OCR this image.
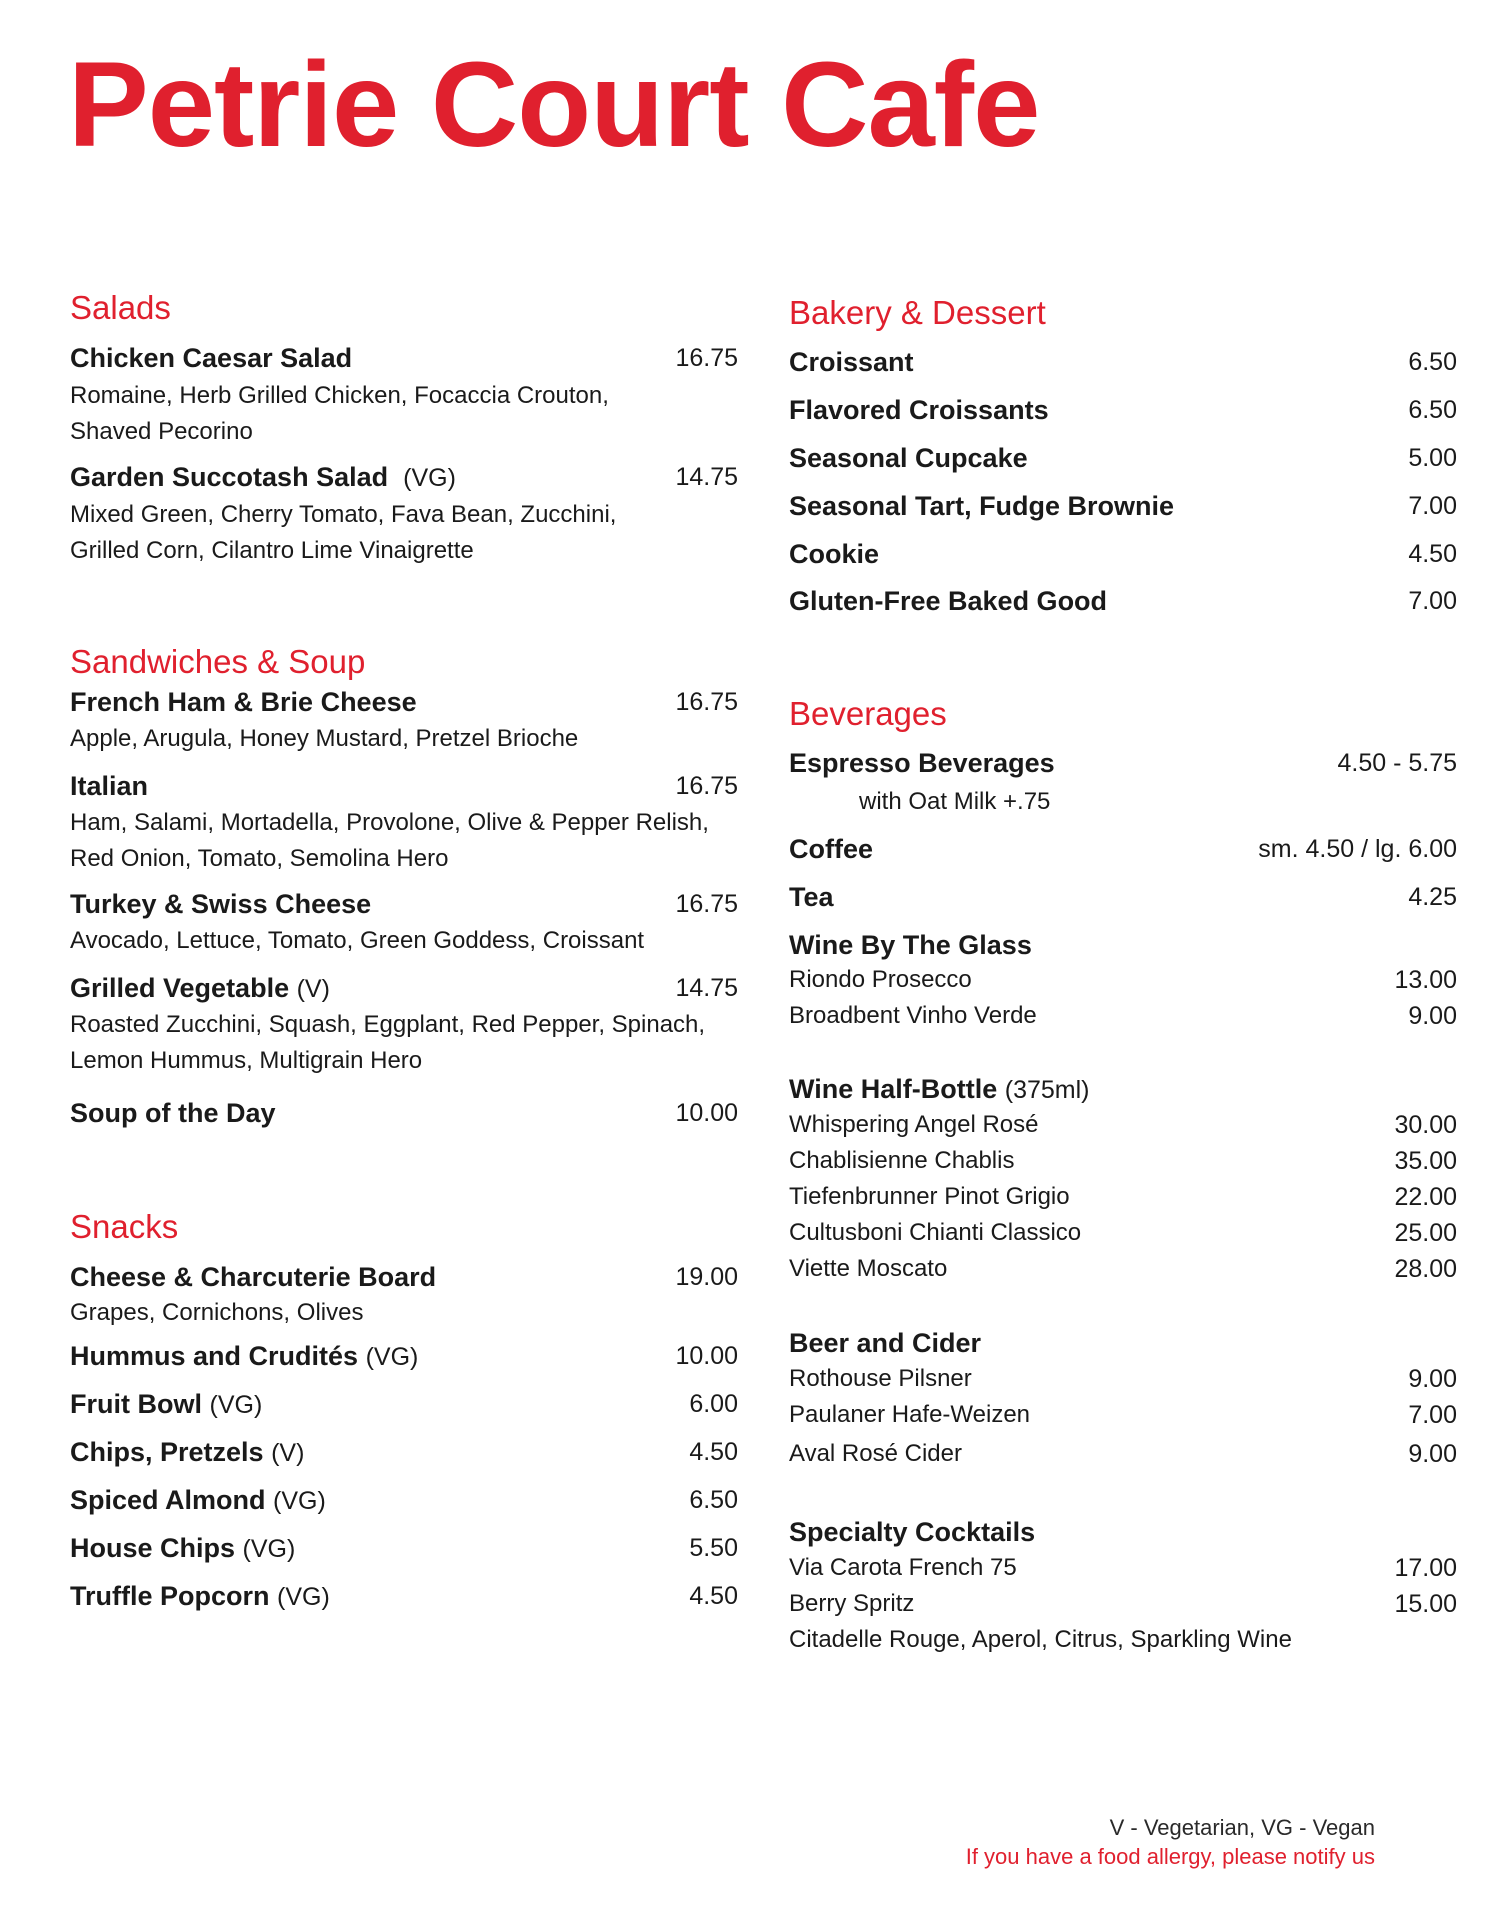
Petrie Court Cafe
Salads
Chicken Caesar Salad	16.75
Romaine, Herb Grilled Chicken, Focaccia Crouton,
Shaved Pecorino
Garden Succotash Salad (VG)	14.75
Mixed Green, Cherry Tomato, Fava Bean, Zucchini,
Grilled Corn, Cilantro Lime Vinaigrette
Sandwiches & Soup
French Ham & Brie Cheese	16.75
Apple, Arugula, Honey Mustard, Pretzel Brioche
Italian	16.75
Ham, Salami, Mortadella, Provolone, Olive & Pepper Relish,
Red Onion, Tomato, Semolina Hero
Turkey & Swiss Cheese	16.75
Avocado, Lettuce, Tomato, Green Goddess, Croissant
Grilled Vegetable (V)	14.75
Roasted Zucchini, Squash, Eggplant, Red Pepper, Spinach,
Lemon Hummus, Multigrain Hero
Soup of the Day	10.00
Snacks
Cheese & Charcuterie Board	19.00
Grapes, Cornichons, Olives
Hummus and Crudités (VG)	10.00
Fruit Bowl (VG)	6.00
Chips, Pretzels (V)	4.50
Spiced Almond (VG)	6.50
House Chips (VG)	5.50
Truffle Popcorn (VG)	4.50
Bakery & Dessert
Croissant	6.50
Flavored Croissants	6.50
Seasonal Cupcake	5.00
Seasonal Tart, Fudge Brownie	7.00
Cookie	4.50
Gluten-Free Baked Good	7.00
Beverages
Espresso Beverages	4.50 - 5.75
with Oat Milk +.75
Coffee	sm. 4.50 / lg. 6.00
Tea	4.25
Wine By The Glass
Riondo Prosecco	13.00
Broadbent Vinho Verde	9.00
Wine Half-Bottle (375ml)
Whispering Angel Rosé	30.00
Chablisienne Chablis	35.00
Tiefenbrunner Pinot Grigio	22.00
Cultusboni Chianti Classico	25.00
Viette Moscato	28.00
Beer and Cider
Rothouse Pilsner	9.00
Paulaner Hafe-Weizen	7.00
Aval Rosé Cider	9.00
Specialty Cocktails
Via Carota French 75	17.00
Berry Spritz	15.00
Citadelle Rouge, Aperol, Citrus, Sparkling Wine
V - Vegetarian, VG - Vegan
If you have a food allergy, please notify us
